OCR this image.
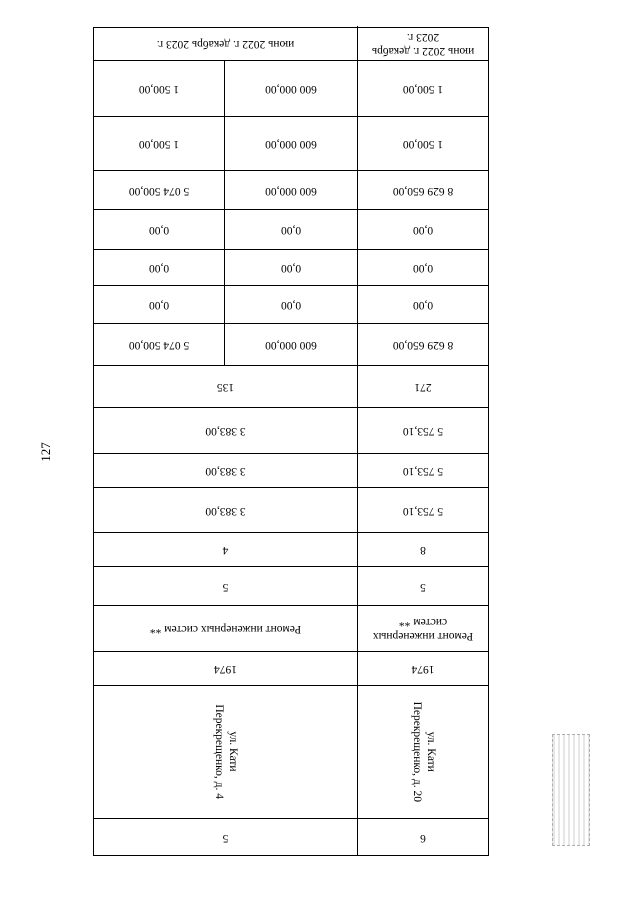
127
6
5
ул. Кати
Перекрещенко, д. 20
ул. Кати
Перекрещенко, д. 4
1974
1974
Ремонт инженерных систем **
Ремонт инженерных систем **
5
5
8
4
5 753,10
3 383,00
5 753,10
3 383,00
5 753,10
3 383,00
271
135
8 629 650,00
600 000,00
5 074 500,00
0,00
0,00
0,00
0,00
0,00
0,00
0,00
0,00
0,00
8 629 650,00
600 000,00
5 074 500,00
1 500,00
600 000,00
1 500,00
1 500,00
600 000,00
1 500,00
июнь 2022 г. декабрь 2023 г.
июнь 2022 г. декабрь 2023 г.
